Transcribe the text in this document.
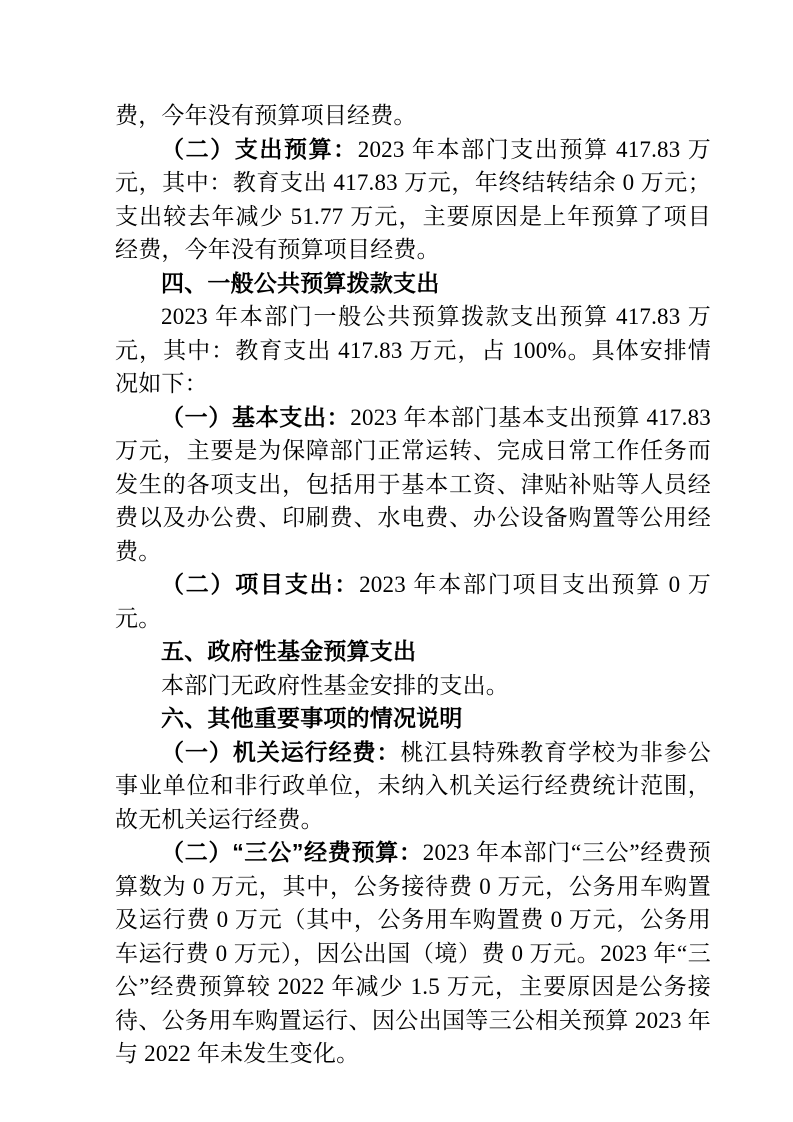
费，今年没有预算项目经费。

（二）支出预算：2023 年本部门支出预算 417.83 万元，其中：教育支出 417.83 万元，年终结转结余 0 万元；支出较去年减少 51.77 万元，主要原因是上年预算了项目经费，今年没有预算项目经费。

四、一般公共预算拨款支出

2023 年本部门一般公共预算拨款支出预算 417.83 万元，其中：教育支出 417.83 万元，占 100%。具体安排情况如下：

（一）基本支出：2023 年本部门基本支出预算 417.83 万元，主要是为保障部门正常运转、完成日常工作任务而发生的各项支出，包括用于基本工资、津贴补贴等人员经费以及办公费、印刷费、水电费、办公设备购置等公用经费。

（二）项目支出：2023 年本部门项目支出预算 0 万元。

五、政府性基金预算支出

本部门无政府性基金安排的支出。

六、其他重要事项的情况说明

（一）机关运行经费：桃江县特殊教育学校为非参公事业单位和非行政单位，未纳入机关运行经费统计范围，故无机关运行经费。

（二）“三公”经费预算：2023 年本部门“三公”经费预算数为 0 万元，其中，公务接待费 0 万元，公务用车购置及运行费 0 万元（其中，公务用车购置费 0 万元，公务用车运行费 0 万元），因公出国（境）费 0 万元。2023 年“三公”经费预算较 2022 年减少 1.5 万元，主要原因是公务接待、公务用车购置运行、因公出国等三公相关预算 2023 年与 2022 年未发生变化。
